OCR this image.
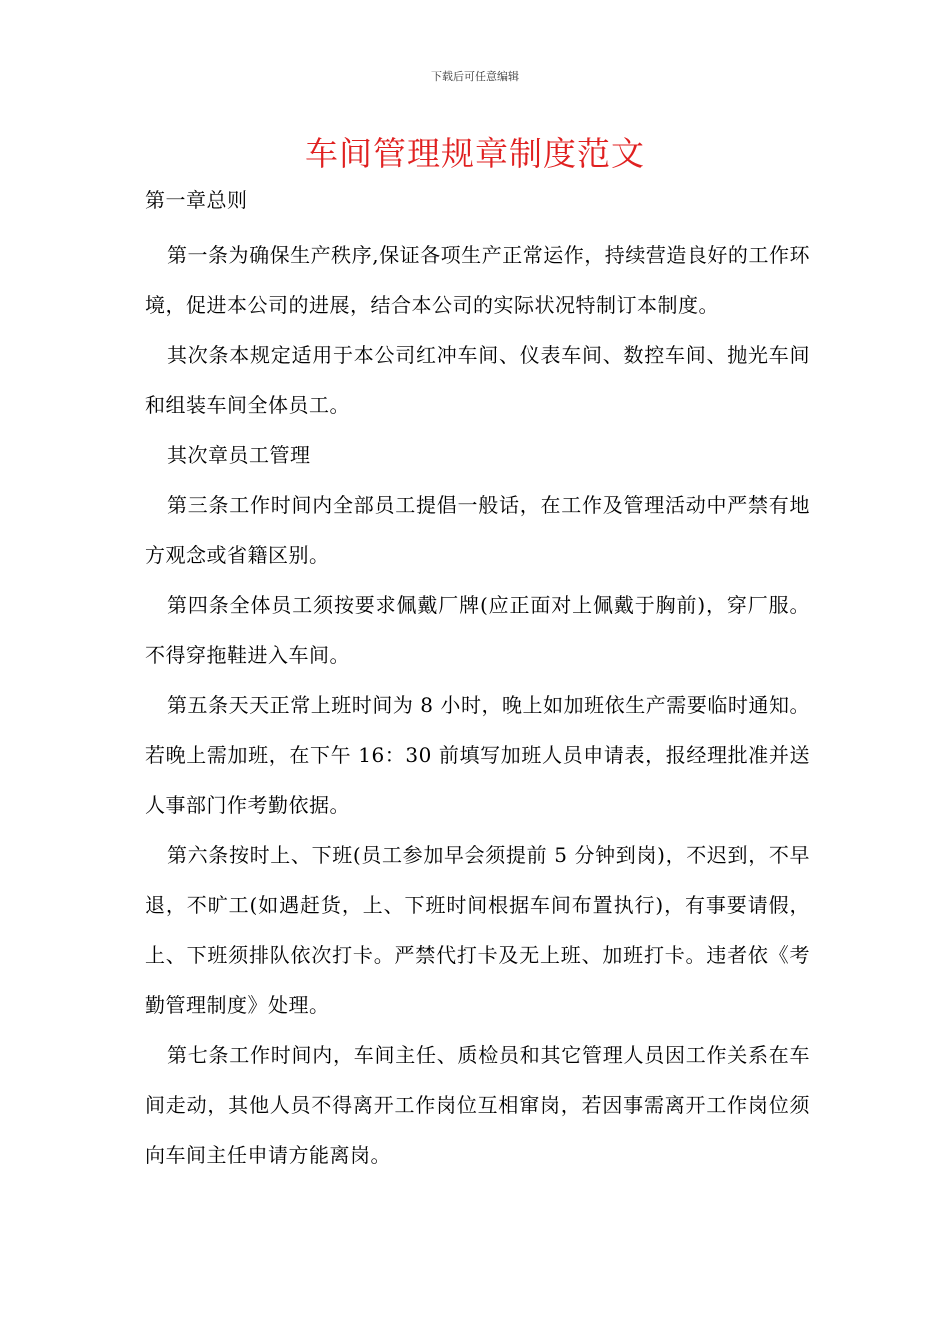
下载后可任意编辑
车间管理规章制度范文

第一章总则

第一条为确保生产秩序,保证各项生产正常运作，持续营造良好的工作环境，促进本公司的进展，结合本公司的实际状况特制订本制度。

其次条本规定适用于本公司红冲车间、仪表车间、数控车间、抛光车间和组装车间全体员工。

其次章员工管理

第三条工作时间内全部员工提倡一般话，在工作及管理活动中严禁有地方观念或省籍区别。

第四条全体员工须按要求佩戴厂牌(应正面对上佩戴于胸前)，穿厂服。不得穿拖鞋进入车间。

第五条天天正常上班时间为 8 小时，晚上如加班依生产需要临时通知。若晚上需加班，在下午 16：30 前填写加班人员申请表，报经理批准并送人事部门作考勤依据。

第六条按时上、下班(员工参加早会须提前 5 分钟到岗)，不迟到，不早退，不旷工(如遇赶货，上、下班时间根据车间布置执行)，有事要请假，上、下班须排队依次打卡。严禁代打卡及无上班、加班打卡。违者依《考勤管理制度》处理。

第七条工作时间内，车间主任、质检员和其它管理人员因工作关系在车间走动，其他人员不得离开工作岗位互相窜岗，若因事需离开工作岗位须向车间主任申请方能离岗。
